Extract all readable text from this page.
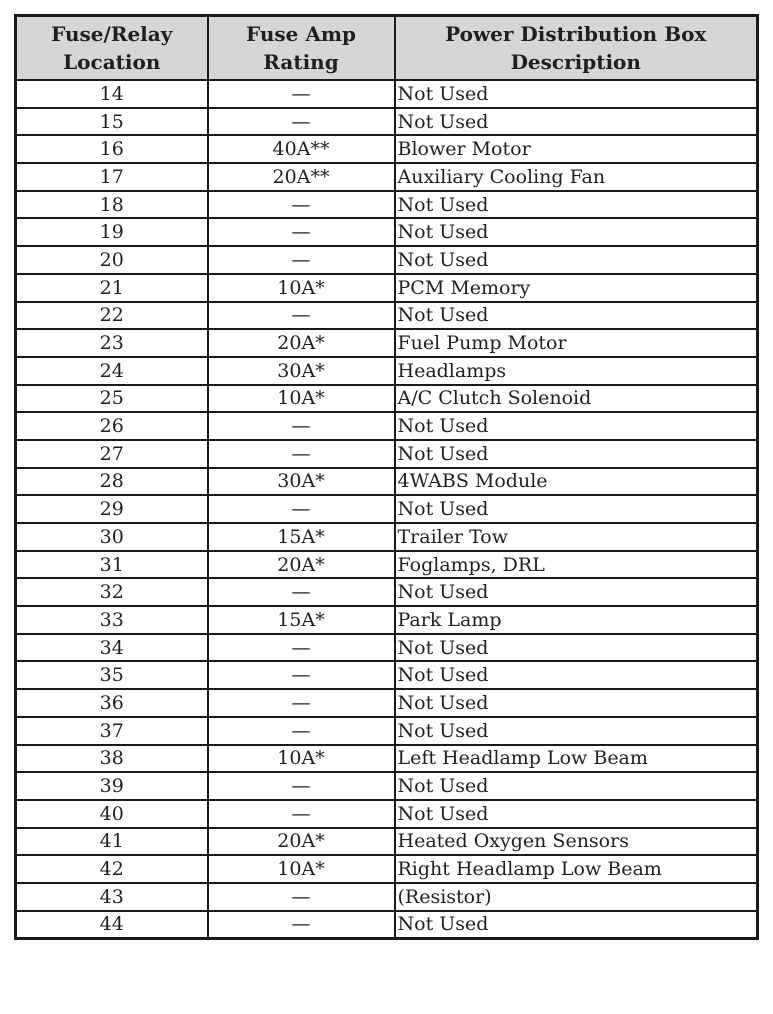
Fuse/Relay
Location	Fuse Amp
Rating	Power Distribution Box
Description
14	—	Not Used
15	—	Not Used
16	40A**	Blower Motor
17	20A**	Auxiliary Cooling Fan
18	—	Not Used
19	—	Not Used
20	—	Not Used
21	10A*	PCM Memory
22	—	Not Used
23	20A*	Fuel Pump Motor
24	30A*	Headlamps
25	10A*	A/C Clutch Solenoid
26	—	Not Used
27	—	Not Used
28	30A*	4WABS Module
29	—	Not Used
30	15A*	Trailer Tow
31	20A*	Foglamps, DRL
32	—	Not Used
33	15A*	Park Lamp
34	—	Not Used
35	—	Not Used
36	—	Not Used
37	—	Not Used
38	10A*	Left Headlamp Low Beam
39	—	Not Used
40	—	Not Used
41	20A*	Heated Oxygen Sensors
42	10A*	Right Headlamp Low Beam
43	—	(Resistor)
44	—	Not Used
